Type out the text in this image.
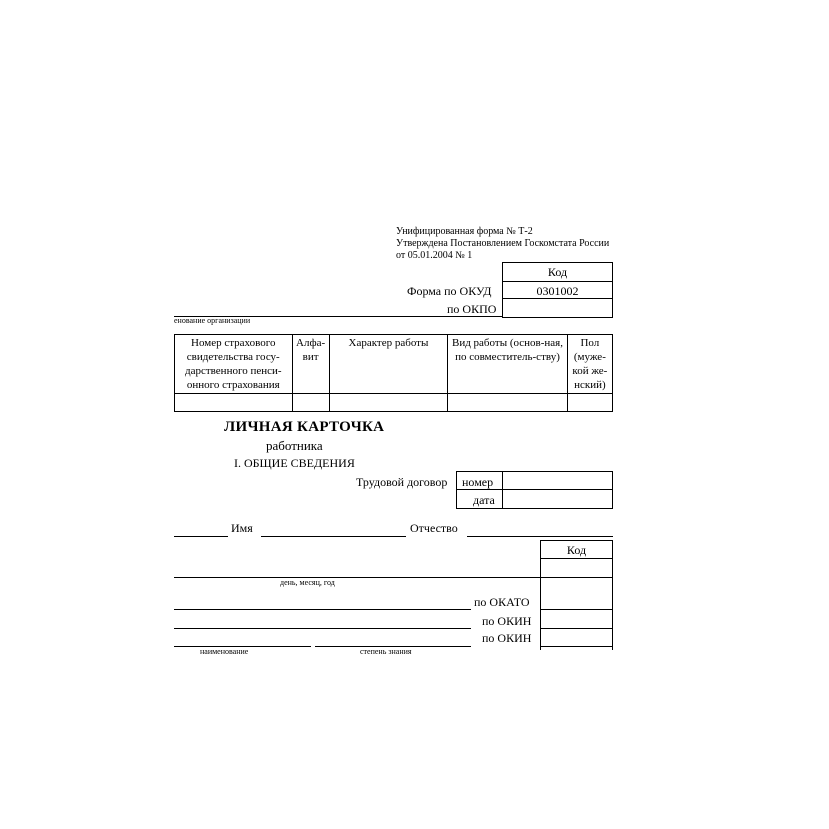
Унифицированная форма № Т-2
Утверждена Постановлением Госкомстата России
от 05.01.2004 № 1
Код
Форма по ОКУД	0301002
по ОКПО
енование организации
Номер страхового свидетельства госу-дарственного пенси-онного страхования	Алфа-вит	Характер работы	Вид работы (основ-ная, по совместитель-ству)	Пол (муже-кой же-нский)

ЛИЧНАЯ КАРТОЧКА
работника
I. ОБЩИЕ СВЕДЕНИЯ
Трудовой договор номер
дата
Имя	Отчество
Код
день, месяц, год
по ОКАТО
по ОКИН
по ОКИН
наименование	степень знания
